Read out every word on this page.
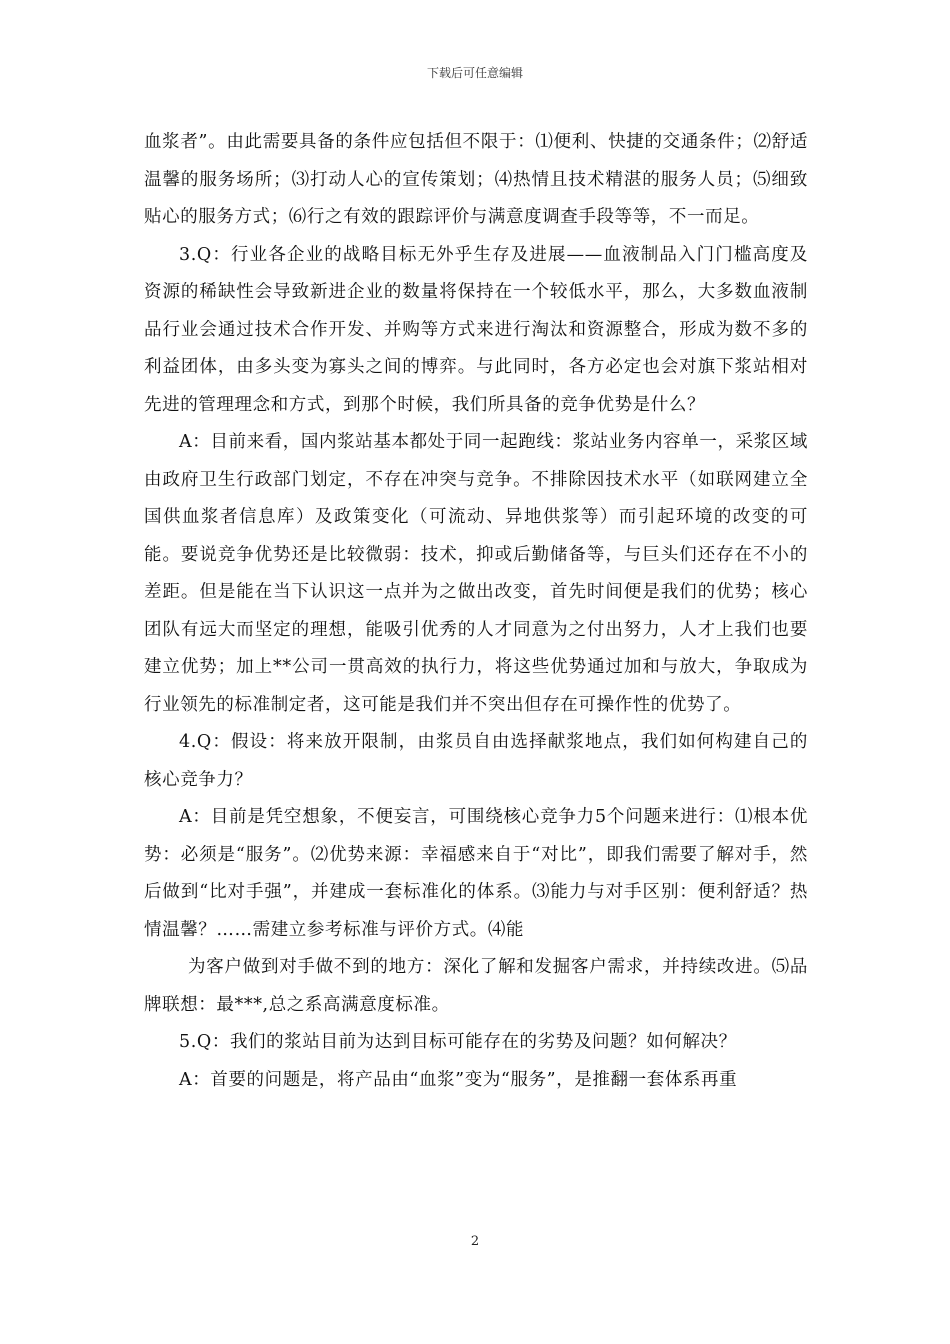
下载后可任意编辑

血浆者”。由此需要具备的条件应包括但不限于：⑴便利、快捷的交通条件；⑵舒适温馨的服务场所；⑶打动人心的宣传策划；⑷热情且技术精湛的服务人员；⑸细致贴心的服务方式；⑹行之有效的跟踪评价与满意度调查手段等等，不一而足。

3.Q：行业各企业的战略目标无外乎生存及进展——血液制品入门门槛高度及资源的稀缺性会导致新进企业的数量将保持在一个较低水平，那么，大多数血液制品行业会通过技术合作开发、并购等方式来进行淘汰和资源整合，形成为数不多的利益团体，由多头变为寡头之间的博弈。与此同时，各方必定也会对旗下浆站相对先进的管理理念和方式，到那个时候，我们所具备的竞争优势是什么？

A：目前来看，国内浆站基本都处于同一起跑线：浆站业务内容单一，采浆区域由政府卫生行政部门划定，不存在冲突与竞争。不排除因技术水平（如联网建立全国供血浆者信息库）及政策变化（可流动、异地供浆等）而引起环境的改变的可能。要说竞争优势还是比较微弱：技术，抑或后勤储备等，与巨头们还存在不小的差距。但是能在当下认识这一点并为之做出改变，首先时间便是我们的优势；核心团队有远大而坚定的理想，能吸引优秀的人才同意为之付出努力，人才上我们也要建立优势；加上**公司一贯高效的执行力，将这些优势通过加和与放大，争取成为行业领先的标准制定者，这可能是我们并不突出但存在可操作性的优势了。

4.Q：假设：将来放开限制，由浆员自由选择献浆地点，我们如何构建自己的核心竞争力？

A：目前是凭空想象，不便妄言，可围绕核心竞争力5个问题来进行：⑴根本优势：必须是“服务”。⑵优势来源：幸福感来自于“对比”，即我们需要了解对手，然后做到“比对手强”，并建成一套标准化的体系。⑶能力与对手区别：便利舒适？热情温馨？……需建立参考标准与评价方式。⑷能

为客户做到对手做不到的地方：深化了解和发掘客户需求，并持续改进。⑸品牌联想：最***,总之系高满意度标准。

5.Q：我们的浆站目前为达到目标可能存在的劣势及问题？如何解决？

A：首要的问题是，将产品由“血浆”变为“服务”，是推翻一套体系再重

2
